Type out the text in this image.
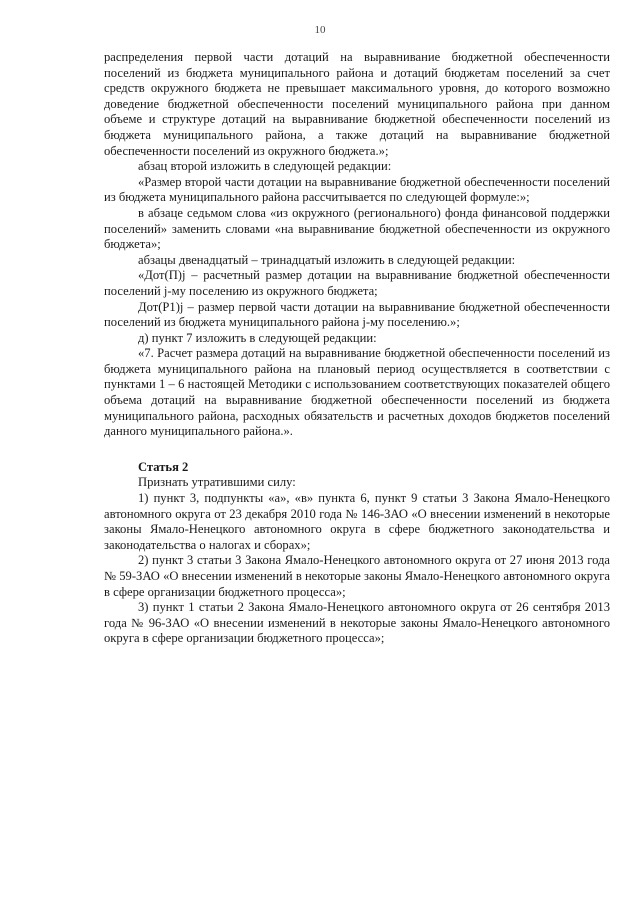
10

распределения первой части дотаций на выравнивание бюджетной обеспеченности поселений из бюджета муниципального района и дотаций бюджетам поселений за счет средств окружного бюджета не превышает максимального уровня, до которого возможно доведение бюджетной обеспеченности поселений муниципального района при данном объеме и структуре дотаций на выравнивание бюджетной обеспеченности поселений из бюджета муниципального района, а также дотаций на выравнивание бюджетной обеспеченности поселений из окружного бюджета.»;

абзац второй изложить в следующей редакции:

«Размер второй части дотации на выравнивание бюджетной обеспеченности поселений из бюджета муниципального района рассчитывается по следующей формуле:»;

в абзаце седьмом слова «из окружного (регионального) фонда финансовой поддержки поселений» заменить словами «на выравнивание бюджетной обеспеченности из окружного бюджета»;

абзацы двенадцатый – тринадцатый изложить в следующей редакции:

«Дот(П)j – расчетный размер дотации на выравнивание бюджетной обеспеченности поселений j-му поселению из окружного бюджета;

Дот(Р1)j – размер первой части дотации на выравнивание бюджетной обеспеченности поселений из бюджета муниципального района j-му поселению.»;

д) пункт 7 изложить в следующей редакции:

«7. Расчет размера дотаций на выравнивание бюджетной обеспеченности поселений из бюджета муниципального района на плановый период осуществляется в соответствии с пунктами 1 – 6 настоящей Методики с использованием соответствующих показателей общего объема дотаций на выравнивание бюджетной обеспеченности поселений из бюджета муниципального района, расходных обязательств и расчетных доходов бюджетов поселений данного муниципального района.».

Статья 2

Признать утратившими силу:

1) пункт 3, подпункты «а», «в» пункта 6, пункт 9 статьи 3 Закона Ямало-Ненецкого автономного округа от 23 декабря 2010 года № 146-ЗАО «О внесении изменений в некоторые законы Ямало-Ненецкого автономного округа в сфере бюджетного законодательства и законодательства о налогах и сборах»;

2) пункт 3 статьи 3 Закона Ямало-Ненецкого автономного округа от 27 июня 2013 года № 59-ЗАО «О внесении изменений в некоторые законы Ямало-Ненецкого автономного округа в сфере организации бюджетного процесса»;

3) пункт 1 статьи 2 Закона Ямало-Ненецкого автономного округа от 26 сентября 2013 года № 96-ЗАО «О внесении изменений в некоторые законы Ямало-Ненецкого автономного округа в сфере организации бюджетного процесса»;
